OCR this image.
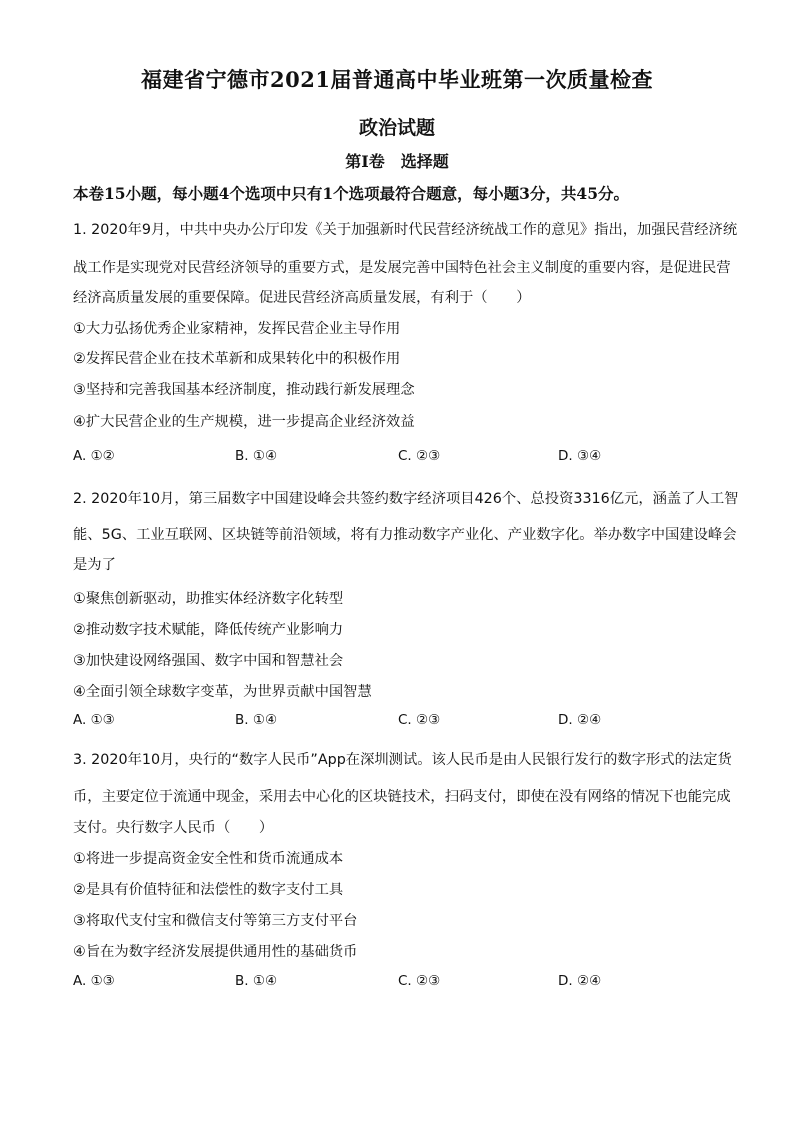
福建省宁德市2021届普通高中毕业班第一次质量检查
政治试题
第Ⅰ卷　选择题
本卷15小题，每小题4个选项中只有1个选项最符合题意，每小题3分，共45分。
1. 2020年9月，中共中央办公厅印发《关于加强新时代民营经济统战工作的意见》指出，加强民营经济统
战工作是实现党对民营经济领导的重要方式，是发展完善中国特色社会主义制度的重要内容，是促进民营
经济高质量发展的重要保障。促进民营经济高质量发展，有利于（　　）
①大力弘扬优秀企业家精神，发挥民营企业主导作用
②发挥民营企业在技术革新和成果转化中的积极作用
③坚持和完善我国基本经济制度，推动践行新发展理念
④扩大民营企业的生产规模，进一步提高企业经济效益
A. ①②	B. ①④	C. ②③	D. ③④
2. 2020年10月，第三届数字中国建设峰会共签约数字经济项目426个、总投资3316亿元，涵盖了人工智
能、5G、工业互联网、区块链等前沿领域，将有力推动数字产业化、产业数字化。举办数字中国建设峰会
是为了
①聚焦创新驱动，助推实体经济数字化转型
②推动数字技术赋能，降低传统产业影响力
③加快建设网络强国、数字中国和智慧社会
④全面引领全球数字变革，为世界贡献中国智慧
A. ①③	B. ①④	C. ②③	D. ②④
3. 2020年10月，央行的“数字人民币”App在深圳测试。该人民币是由人民银行发行的数字形式的法定货
币，主要定位于流通中现金，采用去中心化的区块链技术，扫码支付，即使在没有网络的情况下也能完成
支付。央行数字人民币（　　）
①将进一步提高资金安全性和货币流通成本
②是具有价值特征和法偿性的数字支付工具
③将取代支付宝和微信支付等第三方支付平台
④旨在为数字经济发展提供通用性的基础货币
A. ①③	B. ①④	C. ②③	D. ②④
